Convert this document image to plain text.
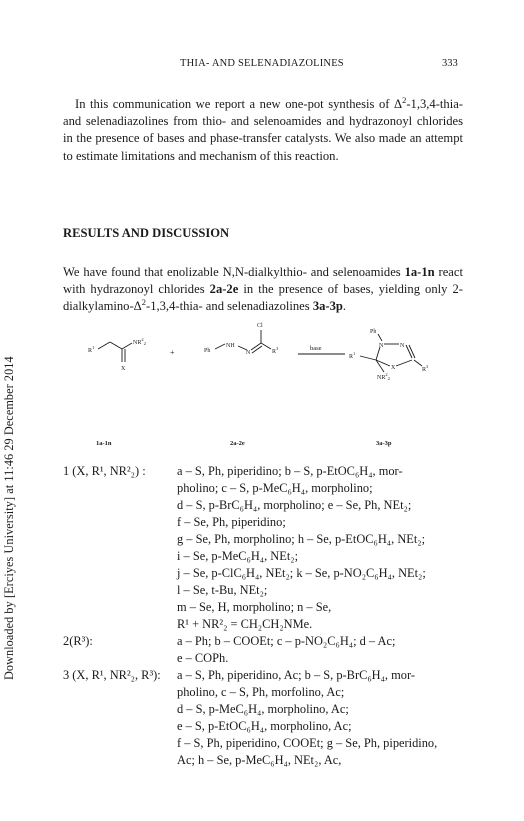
Downloaded by [Erciyes University] at 11:46 29 December 2014
THIA- AND SELENADIAZOLINES	333
In this communication we report a new one-pot synthesis of $\Delta^2-1,3,4-thia-$ and selenadiazolines from thio- and selenoamides and hydrazonoyl chlorides in the presence of bases and phase-transfer catalysts. We also made an attempt to estimate limitations and mechanism of this reaction.
RESULTS AND DISCUSSION
We have found that enolizable N,N-dialkylthio- and selenoamides 1a-1n react with hydrazonoyl chlorides 2a-2e in the presence of bases, yielding only $2-dialkylamino-\Delta^2-1,3,4-thia-$ and selenadiazolines 3a-3p.
$R^1$
$NR^2_2$
X
+
Cl
Ph
NH
N	$R^3$	base
Ph
N	N
X
$R^1$
$R^3$
$NR^2_2$
1a-1n	2a-2e	3a-3p
1 (X, R¹, NR²₂) :	a – S, Ph, piperidino; b – S, p-EtOC₆H₄, mor-
pholino; c – S, p-MeC₆H₄, morpholino;
d – S, p-BrC₆H₄, morpholino; e – Se, Ph, NEt₂;
f – Se, Ph, piperidino;
g – Se, Ph, morpholino; h – Se, p-EtOC₆H₄, NEt₂;
i – Se, p-MeC₆H₄, NEt₂;
j – Se, p-ClC₆H₄, NEt₂; k – Se, p-NO₂C₆H₄, NEt₂;
l – Se, t-Bu, NEt₂;
m – Se, H, morpholino; n – Se,
R¹ + NR²₂ = CH₂CH₂NMe.
2(R³):	a – Ph; b – COOEt; c – p-NO₂C₆H₄; d – Ac;
e – COPh.
3 (X, R¹, NR²₂, R³):	a – S, Ph, piperidino, Ac; b – S, p-BrC₆H₄, mor-
pholino, c – S, Ph, morfolino, Ac;
d – S, p-MeC₆H₄, morpholino, Ac;
e – S, p-EtOC₆H₄, morpholino, Ac;
f – S, Ph, piperidino, COOEt; g – Se, Ph, piperidino,
Ac; h – Se, p-MeC₆H₄, NEt₂, Ac,
